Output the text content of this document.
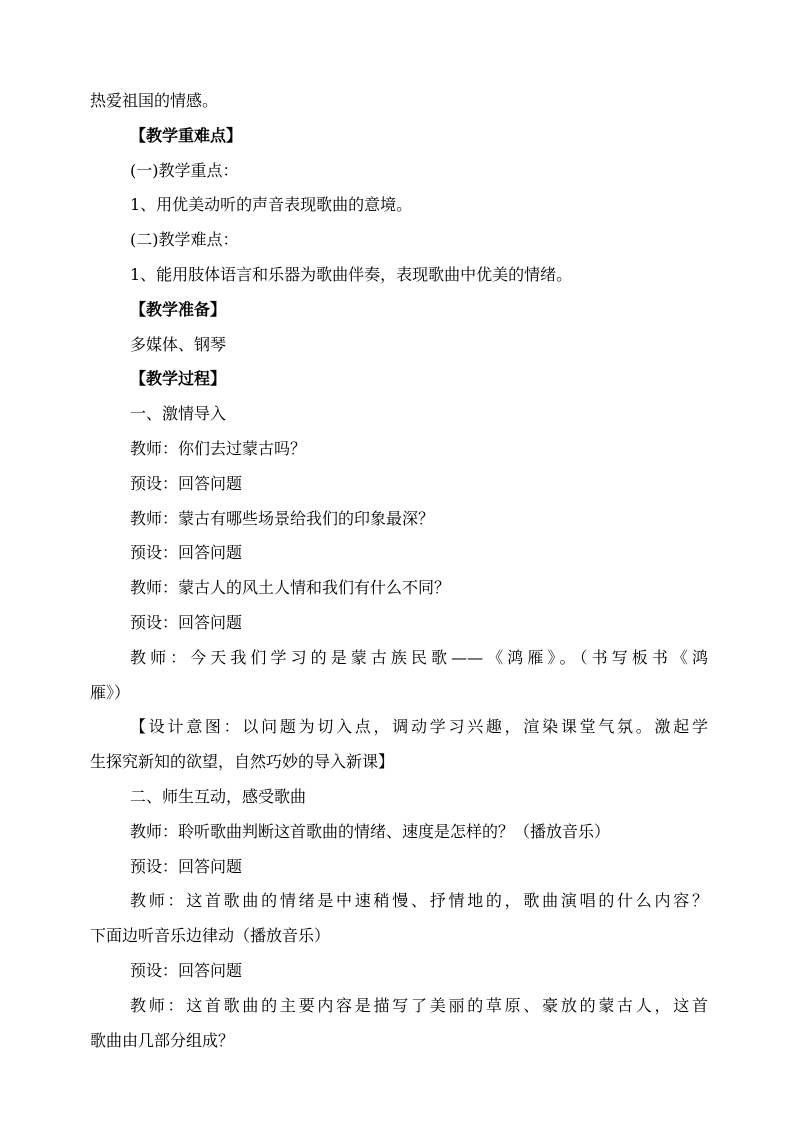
热爱祖国的情感。
【教学重难点】
(一)教学重点：
1、用优美动听的声音表现歌曲的意境。
(二)教学难点：
1、能用肢体语言和乐器为歌曲伴奏，表现歌曲中优美的情绪。
【教学准备】
多媒体、钢琴
【教学过程】
一、激情导入
教师：你们去过蒙古吗？
预设：回答问题
教师：蒙古有哪些场景给我们的印象最深？
预设：回答问题
教师：蒙古人的风土人情和我们有什么不同？
预设：回答问题
教师：今天我们学习的是蒙古族民歌——《鸿雁》。（书写板书《鸿
雁》）
【设计意图：以问题为切入点，调动学习兴趣，渲染课堂气氛。激起学
生探究新知的欲望，自然巧妙的导入新课】
二、师生互动，感受歌曲
教师：聆听歌曲判断这首歌曲的情绪、速度是怎样的？（播放音乐）
预设：回答问题
教师：这首歌曲的情绪是中速稍慢、抒情地的，歌曲演唱的什么内容？
下面边听音乐边律动（播放音乐）
预设：回答问题
教师：这首歌曲的主要内容是描写了美丽的草原、豪放的蒙古人，这首
歌曲由几部分组成？
